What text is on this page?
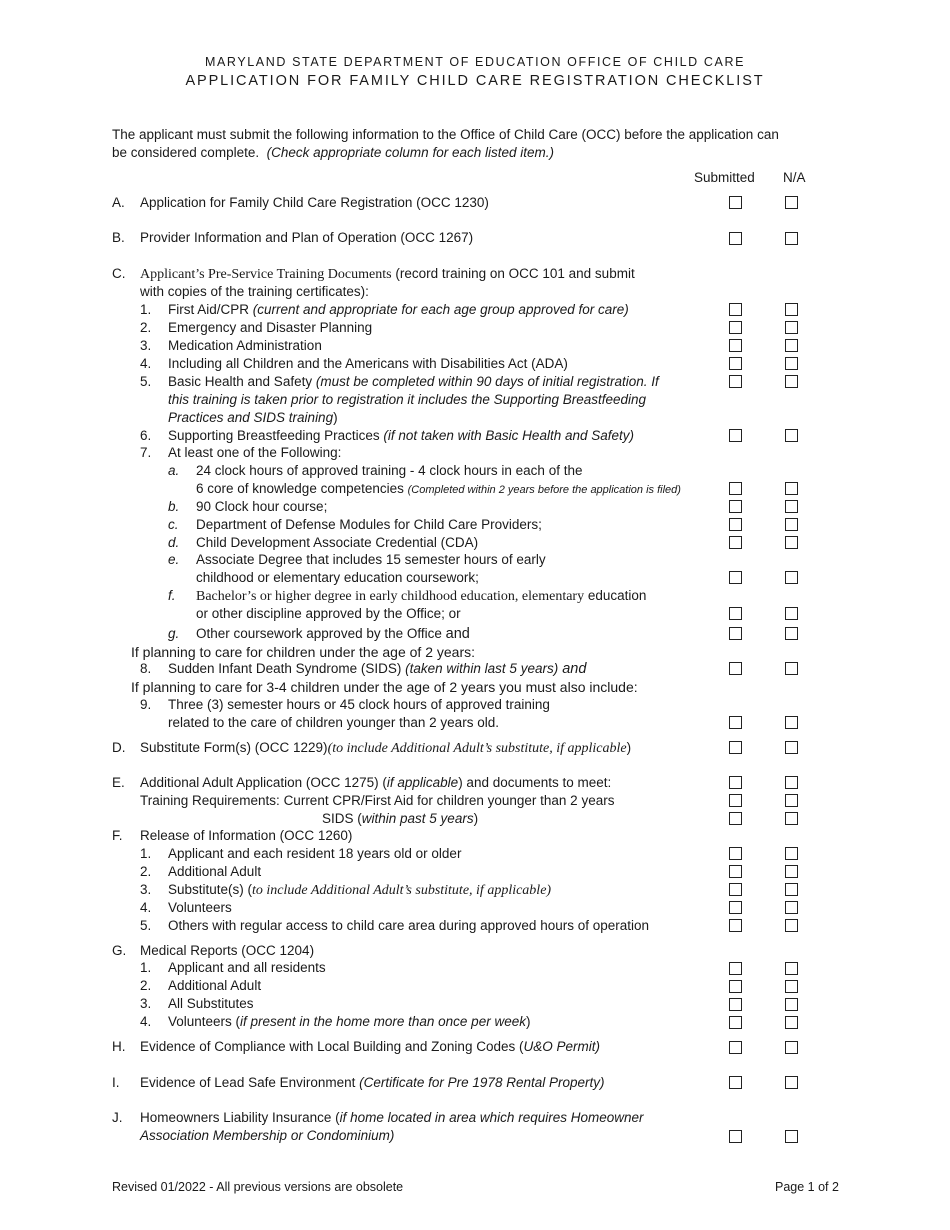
MARYLAND STATE DEPARTMENT OF EDUCATION OFFICE OF CHILD CARE
APPLICATION FOR FAMILY CHILD CARE REGISTRATION CHECKLIST
The applicant must submit the following information to the Office of Child Care (OCC) before the application can
be considered complete. (Check appropriate column for each listed item.)
Submitted N/A
A. Application for Family Child Care Registration (OCC 1230)
B. Provider Information and Plan of Operation (OCC 1267)
C. Applicant’s Pre-Service Training Documents (record training on OCC 101 and submit
with copies of the training certificates):
1. First Aid/CPR (current and appropriate for each age group approved for care)
2. Emergency and Disaster Planning
3. Medication Administration
4. Including all Children and the Americans with Disabilities Act (ADA)
5. Basic Health and Safety (must be completed within 90 days of initial registration. If
this training is taken prior to registration it includes the Supporting Breastfeeding
Practices and SIDS training)
6. Supporting Breastfeeding Practices (if not taken with Basic Health and Safety)
7. At least one of the Following:
a. 24 clock hours of approved training - 4 clock hours in each of the
6 core of knowledge competencies (Completed within 2 years before the application is filed)
b. 90 Clock hour course;
c. Department of Defense Modules for Child Care Providers;
d. Child Development Associate Credential (CDA)
e. Associate Degree that includes 15 semester hours of early
childhood or elementary education coursework;
f. Bachelor’s or higher degree in early childhood education, elementary education
or other discipline approved by the Office; or
g. Other coursework approved by the Office and
If planning to care for children under the age of 2 years:
8. Sudden Infant Death Syndrome (SIDS) (taken within last 5 years) and
If planning to care for 3-4 children under the age of 2 years you must also include:
9. Three (3) semester hours or 45 clock hours of approved training
related to the care of children younger than 2 years old.
D. Substitute Form(s) (OCC 1229)(to include Additional Adult’s substitute, if applicable)
E. Additional Adult Application (OCC 1275) (if applicable) and documents to meet:
Training Requirements: Current CPR/First Aid for children younger than 2 years
SIDS (within past 5 years)
F. Release of Information (OCC 1260)
1. Applicant and each resident 18 years old or older
2. Additional Adult
3. Substitute(s) (to include Additional Adult’s substitute, if applicable)
4. Volunteers
5. Others with regular access to child care area during approved hours of operation
G. Medical Reports (OCC 1204)
1. Applicant and all residents
2. Additional Adult
3. All Substitutes
4. Volunteers (if present in the home more than once per week)
H. Evidence of Compliance with Local Building and Zoning Codes (U&O Permit)
I. Evidence of Lead Safe Environment (Certificate for Pre 1978 Rental Property)
J. Homeowners Liability Insurance (if home located in area which requires Homeowner
Association Membership or Condominium)
Revised 01/2022 - All previous versions are obsolete	Page 1 of 2
